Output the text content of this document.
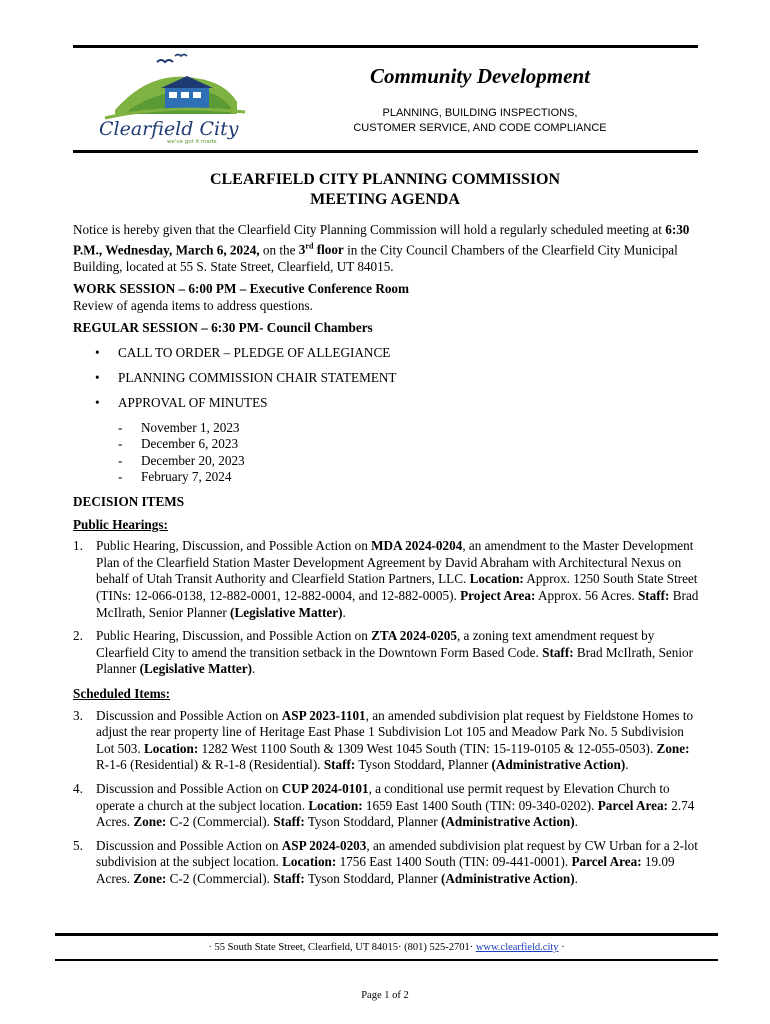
Clearfield City
we've got it made
Community Development
PLANNING, BUILDING INSPECTIONS,
CUSTOMER SERVICE, AND CODE COMPLIANCE
CLEARFIELD CITY PLANNING COMMISSION
MEETING AGENDA

Notice is hereby given that the Clearfield City Planning Commission will hold a regularly scheduled meeting at 6:30 P.M., Wednesday, March 6, 2024, on the 3rd floor in the City Council Chambers of the Clearfield City Municipal Building, located at 55 S. State Street, Clearfield, UT 84015.

WORK SESSION – 6:00 PM – Executive Conference Room

Review of agenda items to address questions.

REGULAR SESSION – 6:30 PM- Council Chambers

• CALL TO ORDER – PLEDGE OF ALLEGIANCE
• PLANNING COMMISSION CHAIR STATEMENT
• APPROVAL OF MINUTES
- November 1, 2023
- December 6, 2023
- December 20, 2023
- February 7, 2024

DECISION ITEMS

Public Hearings:

1. Public Hearing, Discussion, and Possible Action on MDA 2024-0204, an amendment to the Master Development Plan of the Clearfield Station Master Development Agreement by David Abraham with Architectural Nexus on behalf of Utah Transit Authority and Clearfield Station Partners, LLC. Location: Approx. 1250 South State Street (TINs: 12-066-0138, 12-882-0001, 12-882-0004, and 12-882-0005). Project Area: Approx. 56 Acres. Staff: Brad McIlrath, Senior Planner (Legislative Matter).
2. Public Hearing, Discussion, and Possible Action on ZTA 2024-0205, a zoning text amendment request by Clearfield City to amend the transition setback in the Downtown Form Based Code. Staff: Brad McIlrath, Senior Planner (Legislative Matter).

Scheduled Items:

3. Discussion and Possible Action on ASP 2023-1101, an amended subdivision plat request by Fieldstone Homes to adjust the rear property line of Heritage East Phase 1 Subdivision Lot 105 and Meadow Park No. 5 Subdivision Lot 503. Location: 1282 West 1100 South & 1309 West 1045 South (TIN: 15-119-0105 & 12-055-0503). Zone: R-1-6 (Residential) & R-1-8 (Residential). Staff: Tyson Stoddard, Planner (Administrative Action).
4. Discussion and Possible Action on CUP 2024-0101, a conditional use permit request by Elevation Church to operate a church at the subject location. Location: 1659 East 1400 South (TIN: 09-340-0202). Parcel Area: 2.74 Acres. Zone: C-2 (Commercial). Staff: Tyson Stoddard, Planner (Administrative Action).
5. Discussion and Possible Action on ASP 2024-0203, an amended subdivision plat request by CW Urban for a 2-lot subdivision at the subject location. Location: 1756 East 1400 South (TIN: 09-441-0001). Parcel Area: 19.09 Acres. Zone: C-2 (Commercial). Staff: Tyson Stoddard, Planner (Administrative Action).
· 55 South State Street, Clearfield, UT 84015· (801) 525-2701· www.clearfield.city ·
Page 1 of 2
